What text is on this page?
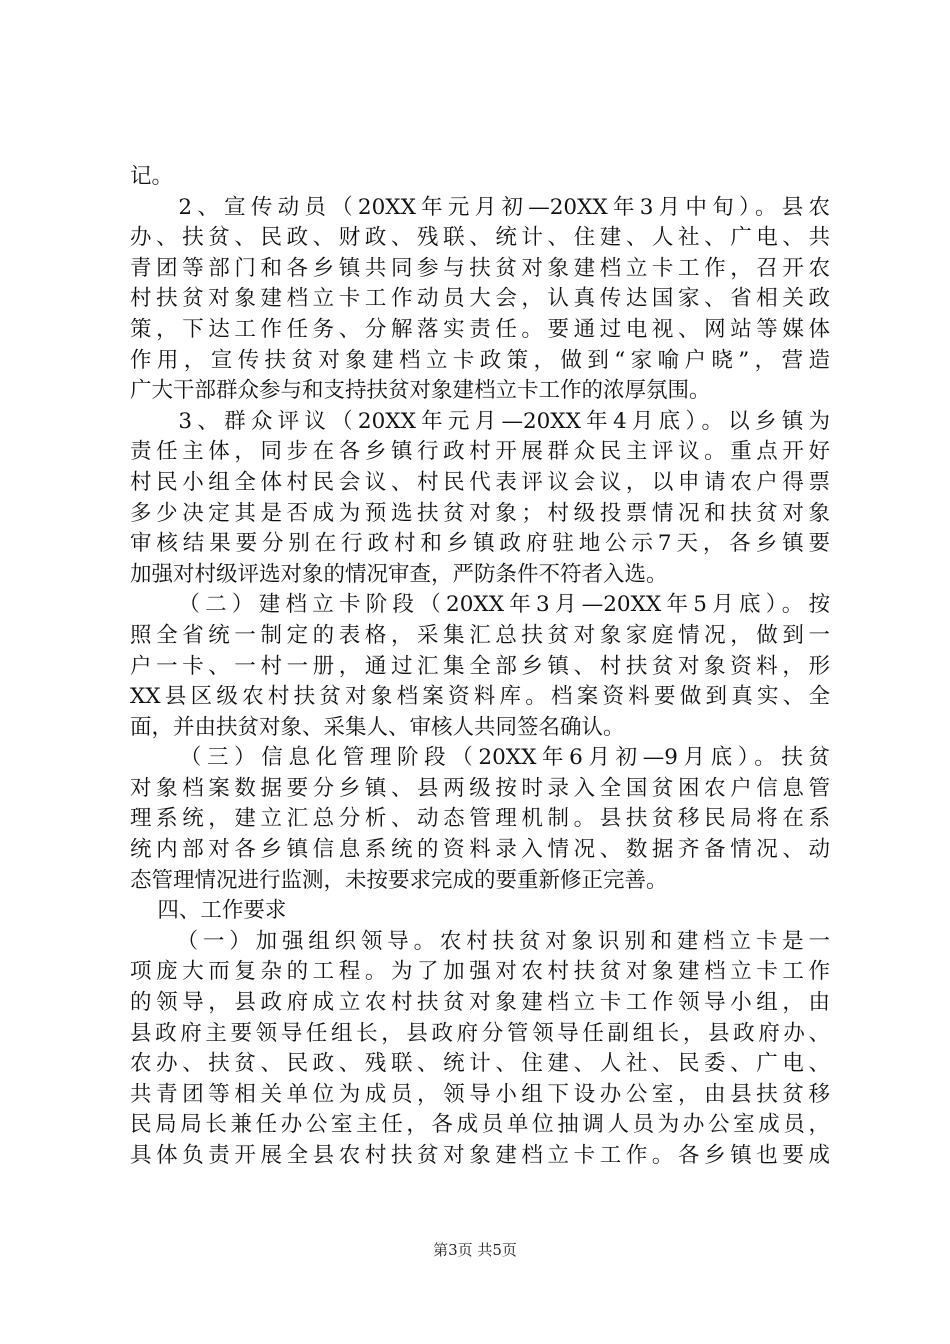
记。
2、宣传动员（20XX年元月初—20XX年3月中旬）。县农
办、扶贫、民政、财政、残联、统计、住建、人社、广电、共
青团等部门和各乡镇共同参与扶贫对象建档立卡工作，召开农
村扶贫对象建档立卡工作动员大会，认真传达国家、省相关政
策，下达工作任务、分解落实责任。要通过电视、网站等媒体
作用，宣传扶贫对象建档立卡政策，做到“家喻户晓”，营造
广大干部群众参与和支持扶贫对象建档立卡工作的浓厚氛围。
3、群众评议（20XX年元月—20XX年4月底）。以乡镇为
责任主体，同步在各乡镇行政村开展群众民主评议。重点开好
村民小组全体村民会议、村民代表评议会议，以申请农户得票
多少决定其是否成为预选扶贫对象；村级投票情况和扶贫对象
审核结果要分别在行政村和乡镇政府驻地公示7天，各乡镇要
加强对村级评选对象的情况审查，严防条件不符者入选。
（二）建档立卡阶段（20XX年3月—20XX年5月底）。按
照全省统一制定的表格，采集汇总扶贫对象家庭情况，做到一
户一卡、一村一册，通过汇集全部乡镇、村扶贫对象资料，形
XX县区级农村扶贫对象档案资料库。档案资料要做到真实、全
面，并由扶贫对象、采集人、审核人共同签名确认。
（三）信息化管理阶段（20XX年6月初—9月底）。扶贫
对象档案数据要分乡镇、县两级按时录入全国贫困农户信息管
理系统，建立汇总分析、动态管理机制。县扶贫移民局将在系
统内部对各乡镇信息系统的资料录入情况、数据齐备情况、动
态管理情况进行监测，未按要求完成的要重新修正完善。
四、工作要求
（一）加强组织领导。农村扶贫对象识别和建档立卡是一
项庞大而复杂的工程。为了加强对农村扶贫对象建档立卡工作
的领导，县政府成立农村扶贫对象建档立卡工作领导小组，由
县政府主要领导任组长，县政府分管领导任副组长，县政府办、
农办、扶贫、民政、残联、统计、住建、人社、民委、广电、
共青团等相关单位为成员，领导小组下设办公室，由县扶贫移
民局局长兼任办公室主任，各成员单位抽调人员为办公室成员，
具体负责开展全县农村扶贫对象建档立卡工作。各乡镇也要成
第3页 共5页
